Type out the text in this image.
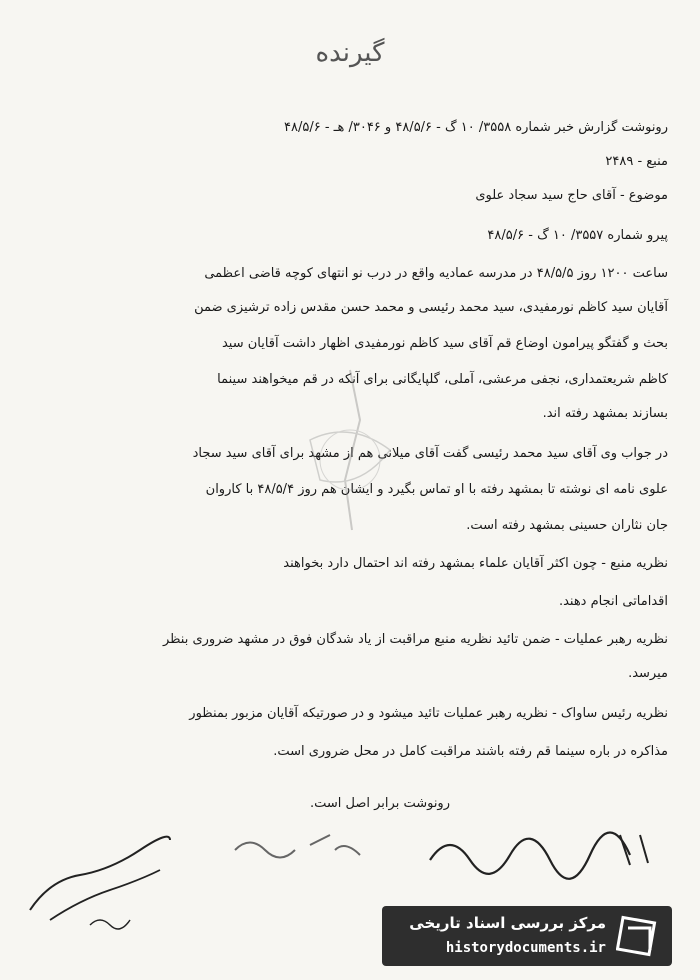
گیرنده
رونوشت گزارش خبر شماره ۳۵۵۸/ ۱۰ گ - ۴۸/۵/۶ و ۳۰۴۶/ هـ - ۴۸/۵/۶
منبع - ۲۴۸۹
موضوع - آقای حاج سید سجاد علوی
پیرو شماره ۳۵۵۷/ ۱۰ گ - ۴۸/۵/۶
ساعت ۱۲۰۰ روز ۴۸/۵/۵ در مدرسه عمادیه واقع در درب نو انتهای کوچه قاضی اعظمی
آقایان سید کاظم نورمفیدی، سید محمد رئیسی و محمد حسن مقدس زاده ترشیزی ضمن
بحث و گفتگو پیرامون اوضاع قم آقای سید کاظم نورمفیدی اظهار داشت آقایان سید
کاظم شریعتمداری، نجفی مرعشی، آملی، گلپایگانی برای آنکه در قم میخواهند سینما
بسازند بمشهد رفته اند.
در جواب وی آقای سید محمد رئیسی گفت آقای میلانی هم از مشهد برای آقای سید سجاد
علوی نامه ای نوشته تا بمشهد رفته با او تماس بگیرد و ایشان هم روز ۴۸/۵/۴ با کاروان
جان نثاران حسینی بمشهد رفته است.
نظریه منبع - چون اکثر آقایان علماء بمشهد رفته اند احتمال دارد بخواهند
اقداماتی انجام دهند.
نظریه رهبر عملیات - ضمن تائید نظریه منبع مراقبت از یاد شدگان فوق در مشهد ضروری بنظر
میرسد.
نظریه رئیس ساواک - نظریه رهبر عملیات تائید میشود و در صورتیکه آقایان مزبور بمنظور
مذاکره در باره سینما قم رفته باشند مراقبت کامل در محل ضروری است.
رونوشت برابر اصل است.
مرکز بررسی اسناد تاریخی
historydocuments.ir
